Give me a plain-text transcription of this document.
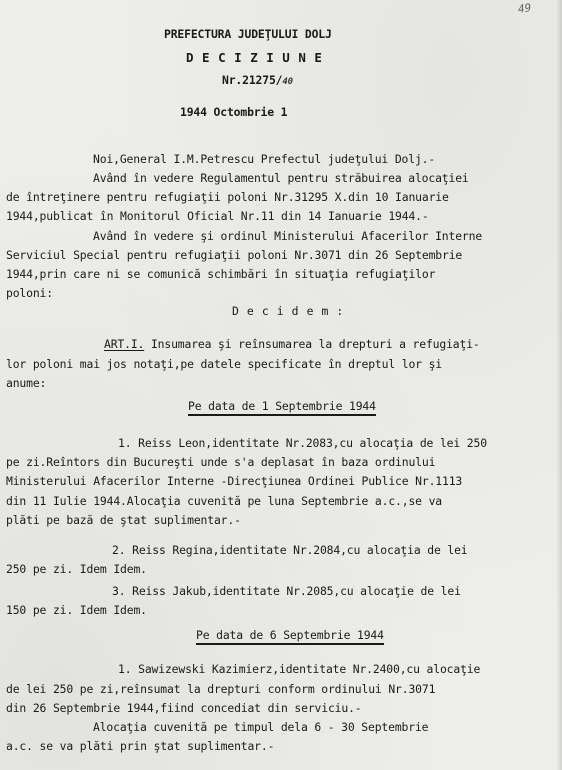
49
PREFECTURA JUDEŢULUI DOLJ
D E C I Z I U N E
Nr.21275/40
1944 Octombrie 1
Noi,General I.M.Petrescu Prefectul judeţului Dolj.-
Având în vedere Regulamentul pentru străbuirea alocaţiei
de întreţinere pentru refugiaţii poloni Nr.31295 X.din 10 Ianuarie
1944,publicat în Monitorul Oficial Nr.11 din 14 Ianuarie 1944.-
Având în vedere şi ordinul Ministerului Afacerilor Interne
Serviciul Special pentru refugiaţii poloni Nr.3071 din 26 Septembrie
1944,prin care ni se comunică schimbări în situaţia refugiaţilor
poloni:
D e c i d e m :
ART.I. Insumarea şi reînsumarea la drepturi a refugiaţi-
lor poloni mai jos notaţi,pe datele specificate în dreptul lor şi
anume:
Pe data de 1 Septembrie 1944
1. Reiss Leon,identitate Nr.2083,cu alocaţia de lei 250
pe zi.Reîntors din Bucureşti unde s'a deplasat în baza ordinului
Ministerului Afacerilor Interne -Direcţiunea Ordinei Publice Nr.1113
din 11 Iulie 1944.Alocaţia cuvenită pe luna Septembrie a.c.,se va
plăti pe bază de ştat suplimentar.-
2. Reiss Regina,identitate Nr.2084,cu alocaţia de lei
250 pe zi. Idem Idem.
3. Reiss Jakub,identitate Nr.2085,cu alocaţie de lei
150 pe zi. Idem Idem.
Pe data de 6 Septembrie 1944
1. Sawizewski Kazimierz,identitate Nr.2400,cu alocaţie
de lei 250 pe zi,reînsumat la drepturi conform ordinului Nr.3071
din 26 Septembrie 1944,fiind concediat din serviciu.-
Alocaţia cuvenită pe timpul dela 6 - 30 Septembrie
a.c. se va plăti prin ştat suplimentar.-
